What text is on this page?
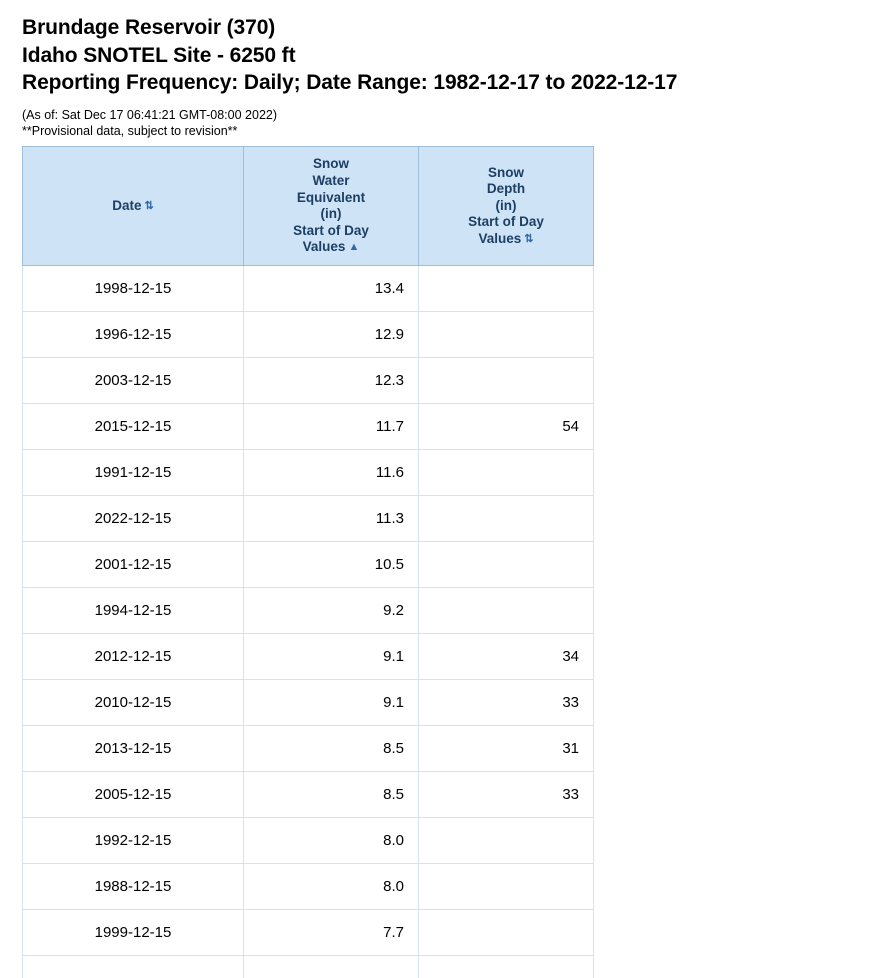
Brundage Reservoir (370)
Idaho SNOTEL Site - 6250 ft
Reporting Frequency: Daily; Date Range: 1982-12-17 to 2022-12-17
(As of: Sat Dec 17 06:41:21 GMT-08:00 2022)
**Provisional data, subject to revision**
Date ⇅

Snow
Water
Equivalent
(in)
Start of Day
Values ▲

Snow
Depth
(in)
Start of Day
Values ⇅

1998-12-15	13.4	
1996-12-15	12.9	
2003-12-15	12.3	
2015-12-15	11.7	54
1991-12-15	11.6	
2022-12-15	11.3	
2001-12-15	10.5	
1994-12-15	9.2	
2012-12-15	9.1	34
2010-12-15	9.1	33
2013-12-15	8.5	31
2005-12-15	8.5	33
1992-12-15	8.0	
1988-12-15	8.0	
1999-12-15	7.7	
